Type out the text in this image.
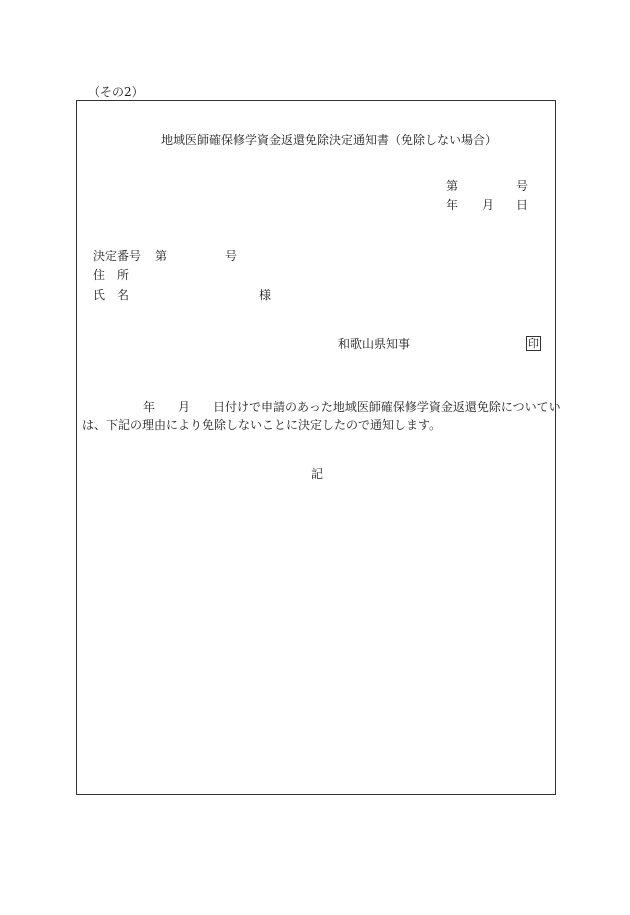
（その2）
地域医師確保修学資金返還免除決定通知書（免除しない場合）
第	号
年 月 日
決定番号 第	号
住　所
氏　名	様
和歌山県知事	印
年 月 日付けで申請のあった地域医師確保修学資金返還免除についてい
は、下記の理由により免除しないことに決定したので通知します。
記
